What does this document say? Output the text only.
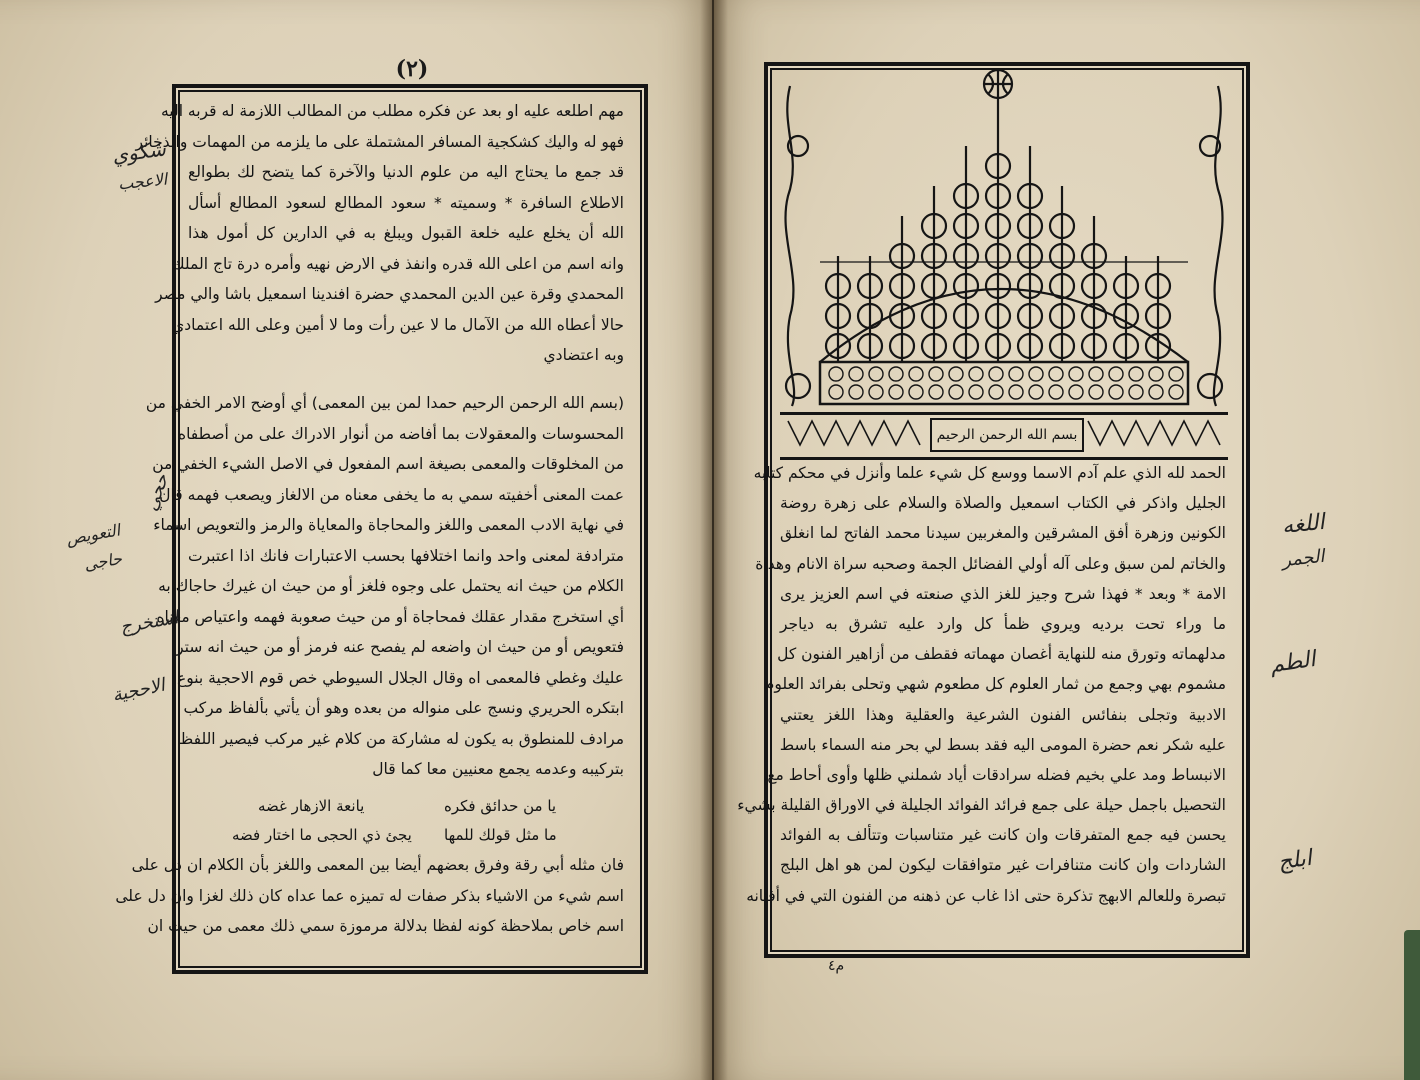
(٢)
مهم اطلعه عليه او بعد عن فكره مطلب من المطالب اللازمة له قربه اليه
فهو له واليك كشكجية المسافر المشتملة على ما يلزمه من المهمات والذخائر
قد جمع ما يحتاج اليه من علوم الدنيا والآخرة كما يتضح لك بطوالع
الاطلاع السافرة * وسميته * سعود المطالع لسعود المطالع أسأل
الله أن يخلع عليه خلعة القبول ويبلغ به في الدارين كل أمول هذا
وانه اسم من اعلى الله قدره وانفذ في الارض نهيه وأمره درة تاج الملك
المحمدي وقرة عين الدين المحمدي حضرة افندينا اسمعيل باشا والي مصر
حالا أعطاه الله من الآمال ما لا عين رأت وما لا أمين وعلى الله اعتمادي
وبه اعتضادي
(بسم الله الرحمن الرحيم حمدا لمن بين المعمى) أي أوضح الامر الخفي من
المحسوسات والمعقولات بما أفاضه من أنوار الادراك على من أصطفاه
من المخلوقات والمعمى بصيغة اسم المفعول في الاصل الشيء الخفي من
عمت المعنى أخفيته سمي به ما يخفى معناه من الالغاز ويصعب فهمه قال
في نهاية الادب المعمى واللغز والمحاجاة والمعاياة والرمز والتعويص اسماء
مترادفة لمعنى واحد وانما اختلافها بحسب الاعتبارات فانك اذا اعتبرت
الكلام من حيث انه يحتمل على وجوه فلغز أو من حيث ان غيرك حاجاك به
أي استخرج مقدار عقلك فمحاجاة أو من حيث صعوبة فهمه واعتياص معناه
فتعويص أو من حيث ان واضعه لم يفصح عنه فرمز أو من حيث انه ستر
عليك وغطي فالمعمى اه وقال الجلال السيوطي خص قوم الاحجية بنوع
ابتكره الحريري ونسج على منواله من بعده وهو أن يأتي بألفاظ مركب
مرادف للمنطوق به يكون له مشاركة من كلام غير مركب فيصير اللفظ
بتركيبه وعدمه يجمع معنيين معا كما قال
يا من حدائق فكره
يانعة الازهار غضه
ما مثل قولك للمها
يجئ ذي الحجى ما اختار فضه
فان مثله أبي رقة وفرق بعضهم أيضا بين المعمى واللغز بأن الكلام ان دل على
اسم شيء من الاشياء بذكر صفات له تميزه عما عداه كان ذلك لغزا وان دل على
اسم خاص بملاحظة كونه لفظا بدلالة مرموزة سمي ذلك معمى من حيث ان
شكوي
الاعجب
حجي
التعويص
حاجى
استخرج
الاحجية
بسم الله الرحمن الرحيم
الحمد لله الذي علم آدم الاسما ووسع كل شيء علما وأنزل في محكم كتابه
الجليل واذكر في الكتاب اسمعيل والصلاة والسلام على زهرة روضة
الكونين وزهرة أفق المشرقين والمغربين سيدنا محمد الفاتح لما انغلق
والخاتم لمن سبق وعلى آله أولي الفضائل الجمة وصحبه سراة الانام وهداة
الامة * وبعد * فهذا شرح وجيز للغز الذي صنعته في اسم العزيز يرى
ما وراء تحت برديه ويروي ظمأ كل وارد عليه تشرق به دياجر
مدلهماته وتورق منه للنهاية أغصان مهماته فقطف من أزاهير الفنون كل
مشموم بهي وجمع من ثمار العلوم كل مطعوم شهي وتحلى بفرائد العلوم
الادبية وتجلى بنفائس الفنون الشرعية والعقلية وهذا اللغز يعتني
عليه شكر نعم حضرة المومى اليه فقد بسط لي بحر منه السماء باسط
الانبساط ومد علي بخيم فضله سرادقات أياد شملني ظلها وأوى أحاط مع
التحصيل باجمل حيلة على جمع فرائد الفوائد الجليلة في الاوراق القليلة بشيء
يحسن فيه جمع المتفرقات وان كانت غير متناسبات وتتألف به الفوائد
الشاردات وان كانت متنافرات غير متوافقات ليكون لمن هو اهل البلج
تبصرة وللعالم الابهج تذكرة حتى اذا غاب عن ذهنه من الفنون التي في أفنانه
م٤
اللغه
الجمر
الطم
ابلج
